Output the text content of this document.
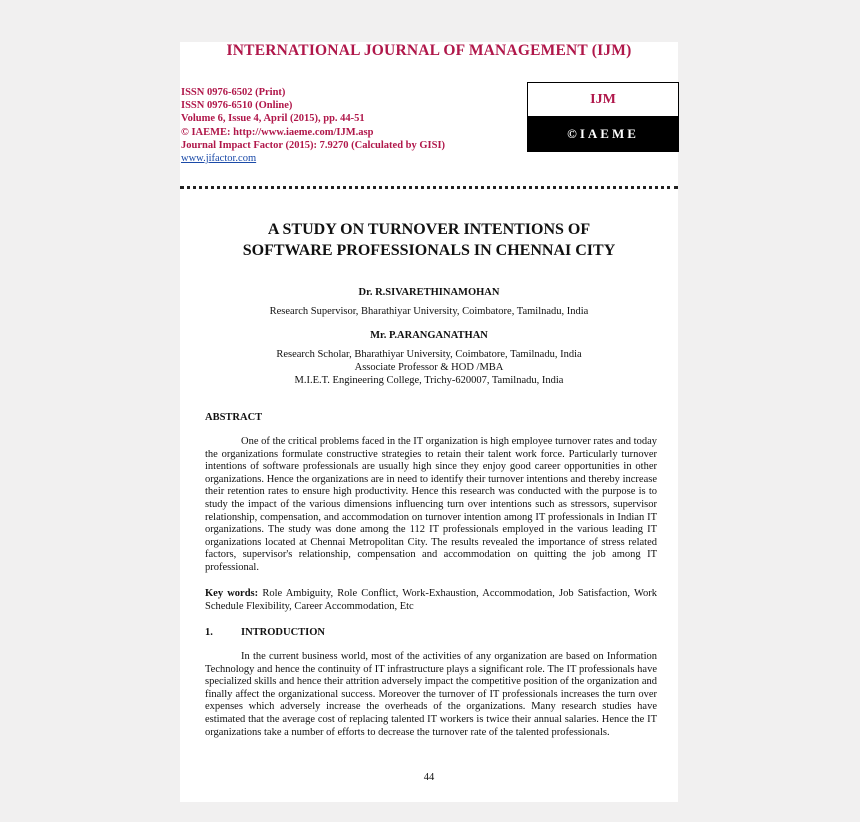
INTERNATIONAL JOURNAL OF MANAGEMENT (IJM)
ISSN 0976-6502 (Print)
ISSN 0976-6510 (Online)
Volume 6, Issue 4, April (2015), pp. 44-51
© IAEME: http://www.iaeme.com/IJM.asp
Journal Impact Factor (2015): 7.9270 (Calculated by GISI)
www.jifactor.com
IJM
©IAEME
A STUDY ON TURNOVER INTENTIONS OF
SOFTWARE PROFESSIONALS IN CHENNAI CITY
Dr. R.SIVARETHINAMOHAN
Research Supervisor, Bharathiyar University, Coimbatore, Tamilnadu, India
Mr. P.ARANGANATHAN
Research Scholar, Bharathiyar University, Coimbatore, Tamilnadu, India
Associate Professor & HOD /MBA
M.I.E.T. Engineering College, Trichy-620007, Tamilnadu, India
ABSTRACT
One of the critical problems faced in the IT organization is high employee turnover rates and today the organizations formulate constructive strategies to retain their talent work force. Particularly turnover intentions of software professionals are usually high since they enjoy good career opportunities in other organizations. Hence the organizations are in need to identify their turnover intentions and thereby increase their retention rates to ensure high productivity. Hence this research was conducted with the purpose is to study the impact of the various dimensions influencing turn over intentions such as stressors, supervisor relationship, compensation, and accommodation on turnover intention among IT professionals in Indian IT organizations. The study was done among the 112 IT professionals employed in the various leading IT organizations located at Chennai Metropolitan City. The results revealed the importance of stress related factors, supervisor's relationship, compensation and accommodation on quitting the job among IT professional.
Key words: Role Ambiguity, Role Conflict, Work-Exhaustion, Accommodation, Job Satisfaction, Work Schedule Flexibility, Career Accommodation, Etc
1.	INTRODUCTION
In the current business world, most of the activities of any organization are based on Information Technology and hence the continuity of IT infrastructure plays a significant role. The IT professionals have specialized skills and hence their attrition adversely impact the competitive position of the organization and finally affect the organizational success. Moreover the turnover of IT professionals increases the turn over expenses which adversely increase the overheads of the organizations. Many research studies have estimated that the average cost of replacing talented IT workers is twice their annual salaries. Hence the IT organizations take a number of efforts to decrease the turnover rate of the talented professionals.
44
